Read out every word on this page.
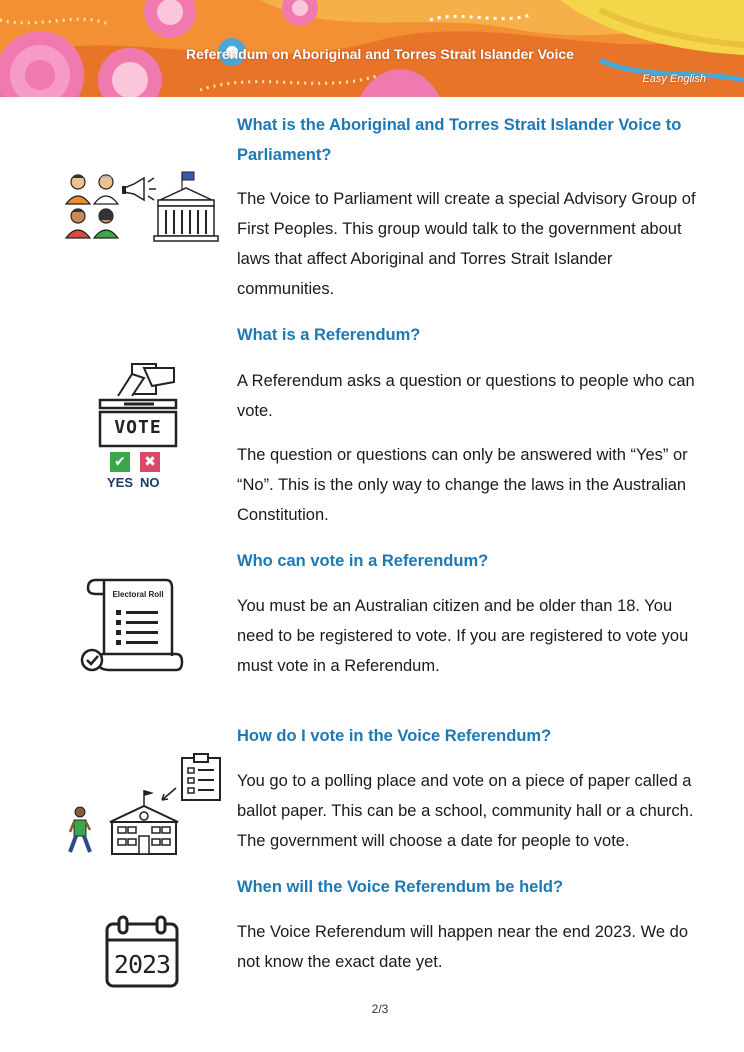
Referendum on Aboriginal and Torres Strait Islander Voice
Easy English
What is the Aboriginal and Torres Strait Islander Voice to Parliament?

The Voice to Parliament will create a special Advisory Group of First Peoples. This group would talk to the government about laws that affect Aboriginal and Torres Strait Islander communities.

What is a Referendum?
VOTE
✔ ✖
YES NO

A Referendum asks a question or questions to people who can vote.

The question or questions can only be answered with “Yes” or “No”. This is the only way to change the laws in the Australian Constitution.

Who can vote in a Referendum?
Electoral Roll

You must be an Australian citizen and be older than 18. You need to be registered to vote. If you are registered to vote you must vote in a Referendum.

How do I vote in the Voice Referendum?

You go to a polling place and vote on a piece of paper called a ballot paper. This can be a school, community hall or a church. The government will choose a date for people to vote.

When will the Voice Referendum be held?
2023

The Voice Referendum will happen near the end 2023. We do not know the exact date yet.

2/3
